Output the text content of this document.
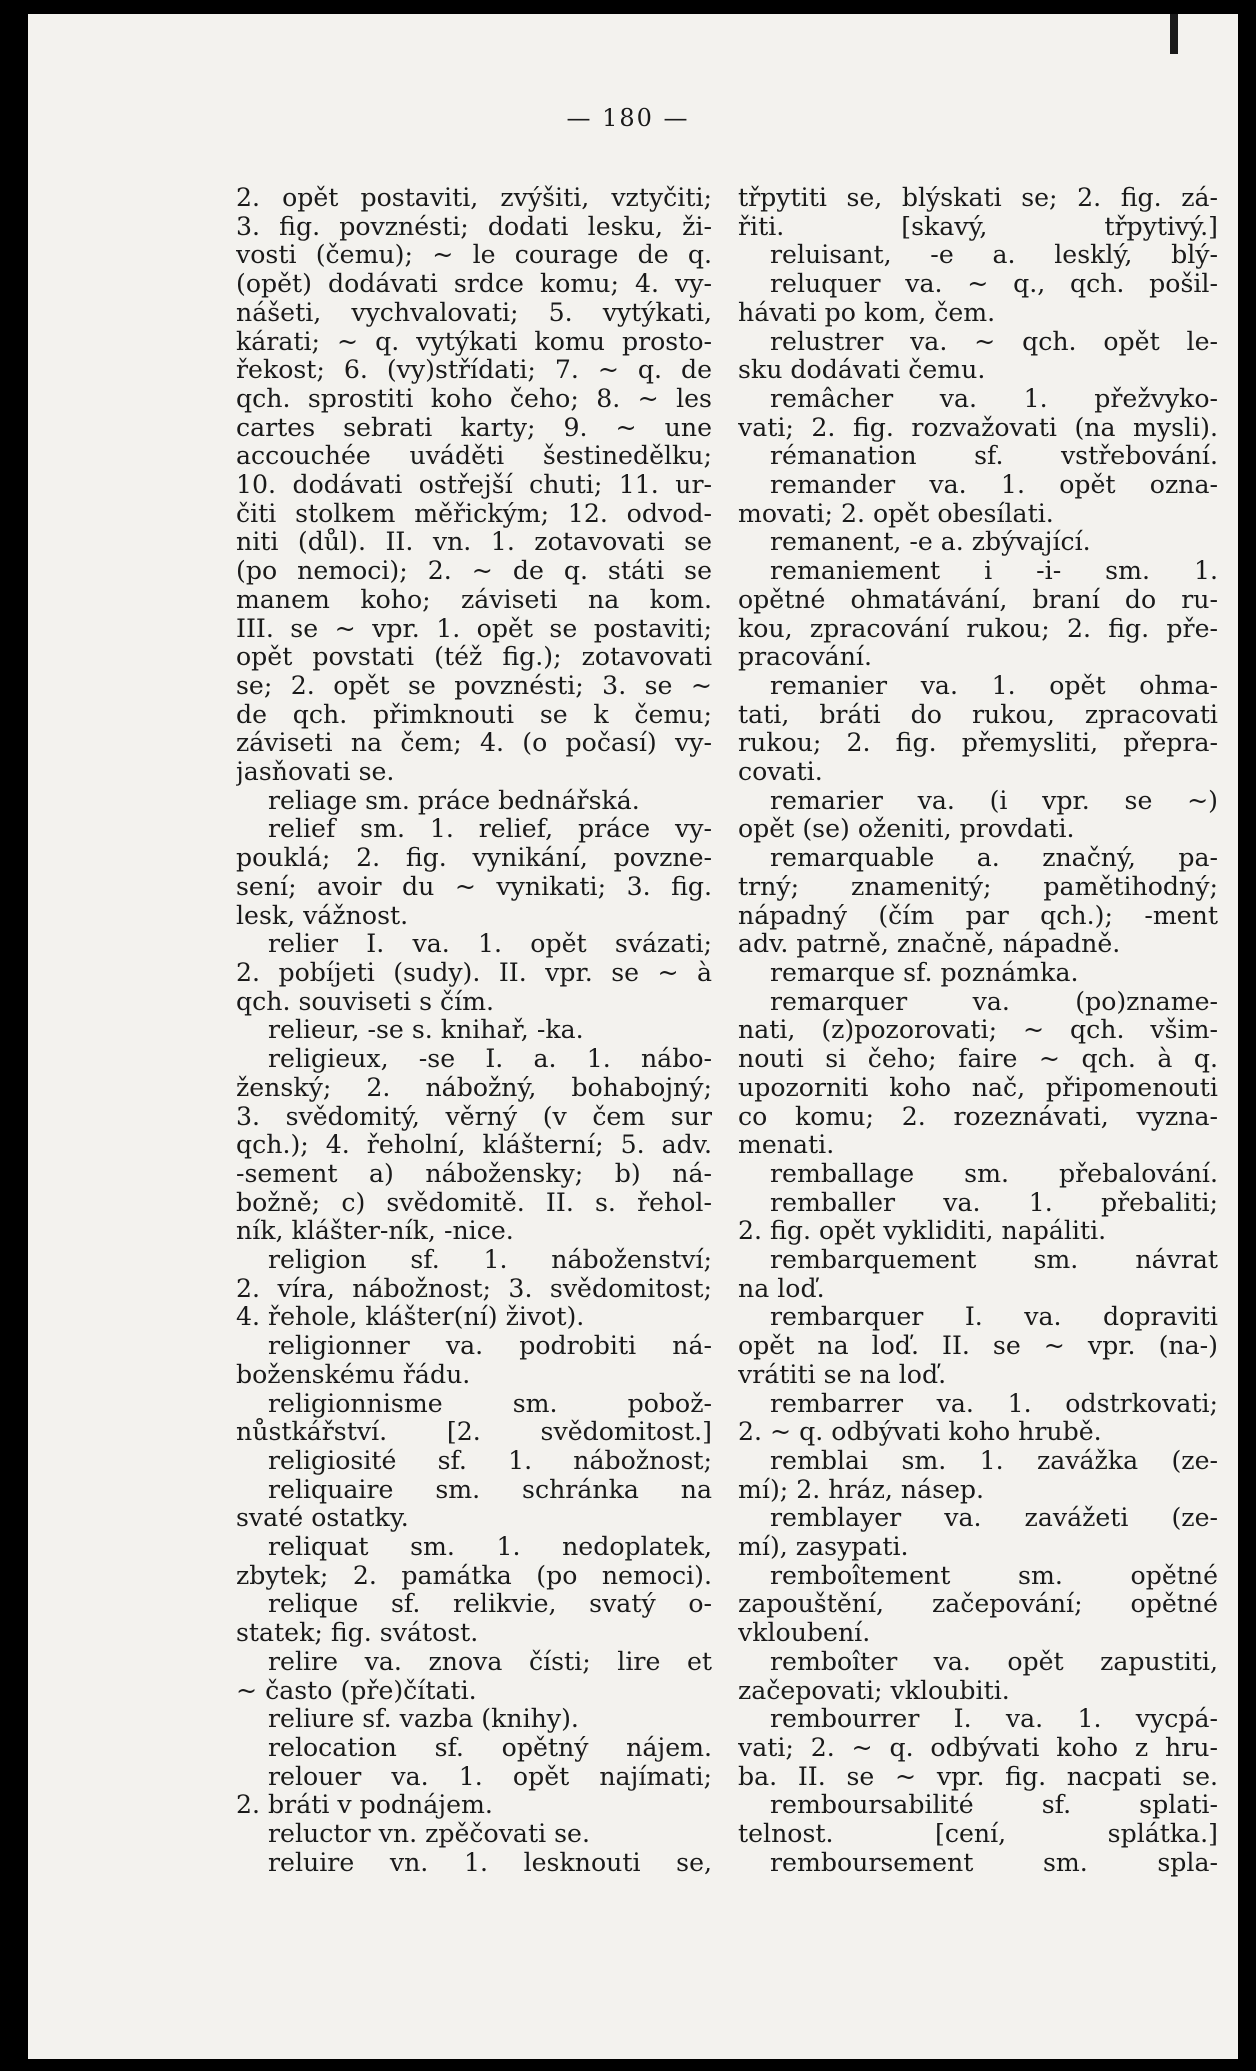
— 180 —

2. opět postaviti, zvýšiti, vztyčiti;

3. fig. povznésti; dodati lesku, ži-

vosti (čemu); ~ le courage de q.

(opět) dodávati srdce komu; 4. vy-

nášeti, vychvalovati; 5. vytýkati,

kárati; ~ q. vytýkati komu prosto-

řekost; 6. (vy)střídati; 7. ~ q. de

qch. sprostiti koho čeho; 8. ~ les

cartes sebrati karty; 9. ~ une

accouchée uváděti šestinedělku;

10. dodávati ostřejší chuti; 11. ur-

čiti stolkem měřickým; 12. odvod-

niti (důl). II. vn. 1. zotavovati se

(po nemoci); 2. ~ de q. státi se

manem koho; záviseti na kom.

III. se ~ vpr. 1. opět se postaviti;

opět povstati (též fig.); zotavovati

se; 2. opět se povznésti; 3. se ~

de qch. přimknouti se k čemu;

záviseti na čem; 4. (o počasí) vy-

jasňovati se.

reliage sm. práce bednářská.

relief sm. 1. relief, práce vy-

pouklá; 2. fig. vynikání, povzne-

sení; avoir du ~ vynikati; 3. fig.

lesk, vážnost.

relier I. va. 1. opět svázati;

2. pobíjeti (sudy). II. vpr. se ~ à

qch. souviseti s čím.

relieur, -se s. knihař, -ka.

religieux, -se I. a. 1. nábo-

ženský; 2. nábožný, bohabojný;

3. svědomitý, věrný (v čem sur

qch.); 4. řeholní, klášterní; 5. adv.

-sement a) nábožensky; b) ná-

božně; c) svědomitě. II. s. řehol-

ník, klášter-ník, -nice.

religion sf. 1. náboženství;

2. víra, nábožnost; 3. svědomitost;

4. řehole, klášter(ní) život).

religionner va. podrobiti ná-

boženskému řádu.

religionnisme sm. pobož-

nůstkářství. [2. svědomitost.]

religiosité sf. 1. nábožnost;

reliquaire sm. schránka na

svaté ostatky.

reliquat sm. 1. nedoplatek,

zbytek; 2. památka (po nemoci).

relique sf. relikvie, svatý o-

statek; fig. svátost.

relire va. znova čísti; lire et

~ často (pře)čítati.

reliure sf. vazba (knihy).

relocation sf. opětný nájem.

relouer va. 1. opět najímati;

2. bráti v podnájem.

reluctor vn. zpěčovati se.

reluire vn. 1. lesknouti se,

třpytiti se, blýskati se; 2. fig. zá-

řiti. [skavý, třpytivý.]

reluisant, -e a. lesklý, blý-

reluquer va. ~ q., qch. pošil-

hávati po kom, čem.

relustrer va. ~ qch. opět le-

sku dodávati čemu.

remâcher va. 1. přežvyko-

vati; 2. fig. rozvažovati (na mysli).

rémanation sf. vstřebování.

remander va. 1. opět ozna-

movati; 2. opět obesílati.

remanent, -e a. zbývající.

remaniement i -i- sm. 1.

opětné ohmatávání, braní do ru-

kou, zpracování rukou; 2. fig. pře-

pracování.

remanier va. 1. opět ohma-

tati, bráti do rukou, zpracovati

rukou; 2. fig. přemysliti, přepra-

covati.

remarier va. (i vpr. se ~)

opět (se) oženiti, provdati.

remarquable a. značný, pa-

trný; znamenitý; pamětihodný;

nápadný (čím par qch.); -ment

adv. patrně, značně, nápadně.

remarque sf. poznámka.

remarquer va. (po)zname-

nati, (z)pozorovati; ~ qch. všim-

nouti si čeho; faire ~ qch. à q.

upozorniti koho nač, připomenouti

co komu; 2. rozeznávati, vyzna-

menati.

remballage sm. přebalování.

remballer va. 1. přebaliti;

2. fig. opět vykliditi, napáliti.

rembarquement sm. návrat

na loď.

rembarquer I. va. dopraviti

opět na loď. II. se ~ vpr. (na-)

vrátiti se na loď.

rembarrer va. 1. odstrkovati;

2. ~ q. odbývati koho hrubě.

remblai sm. 1. zavážka (ze-

mí); 2. hráz, násep.

remblayer va. zavážeti (ze-

mí), zasypati.

remboîtement sm. opětné

zapouštění, začepování; opětné

vkloubení.

remboîter va. opět zapustiti,

začepovati; vkloubiti.

rembourrer I. va. 1. vycpá-

vati; 2. ~ q. odbývati koho z hru-

ba. II. se ~ vpr. fig. nacpati se.

remboursabilité sf. splati-

telnost. [cení, splátka.]

remboursement sm. spla-
